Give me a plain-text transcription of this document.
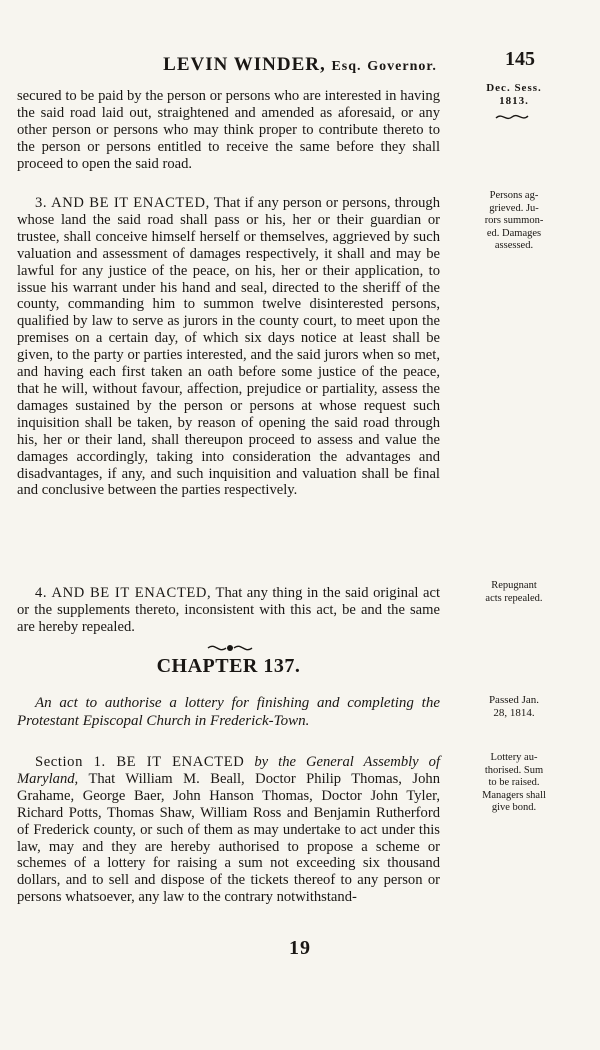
LEVIN WINDER, Esq. Governor.	145
Dec. Sess.
1813.
Persons ag-
grieved. Ju-
rors summon-
ed. Damages
assessed.
Repugnant
acts repealed.
Passed Jan.
28, 1814.
Lottery au-
thorised. Sum
to be raised.
Managers shall
give bond.

secured to be paid by the person or persons who are interested in having the said road laid out, straightened and amended as aforesaid, or any other person or persons who may think proper to contribute thereto to the person or persons entitled to receive the same before they shall proceed to open the said road.

3. AND BE IT ENACTED, That if any person or persons, through whose land the said road shall pass or his, her or their guardian or trustee, shall conceive himself herself or themselves, aggrieved by such valuation and assessment of damages respectively, it shall and may be lawful for any justice of the peace, on his, her or their application, to issue his warrant under his hand and seal, directed to the sheriff of the county, commanding him to summon twelve disinterested persons, qualified by law to serve as jurors in the county court, to meet upon the premises on a certain day, of which six days notice at least shall be given, to the party or parties interested, and the said jurors when so met, and having each first taken an oath before some justice of the peace, that he will, without favour, affection, prejudice or partiality, assess the damages sustained by the person or persons at whose request such inquisition shall be taken, by reason of opening the said road through his, her or their land, shall thereupon proceed to assess and value the damages accordingly, taking into consideration the advantages and disadvantages, if any, and such inquisition and valuation shall be final and conclusive between the parties respectively.

4. AND BE IT ENACTED, That any thing in the said original act or the supplements thereto, inconsistent with this act, be and the same are hereby repealed.

CHAPTER 137.

An act to authorise a lottery for finishing and completing the Protestant Episcopal Church in Frederick-Town.

Section 1. BE IT ENACTED by the General Assembly of Maryland, That William M. Beall, Doctor Philip Thomas, John Grahame, George Baer, John Hanson Thomas, Doctor John Tyler, Richard Potts, Thomas Shaw, William Ross and Benjamin Rutherford of Frederick county, or such of them as may undertake to act under this law, may and they are hereby authorised to propose a scheme or schemes of a lottery for raising a sum not exceeding six thousand dollars, and to sell and dispose of the tickets thereof to any person or persons whatsoever, any law to the contrary notwithstand-

19
